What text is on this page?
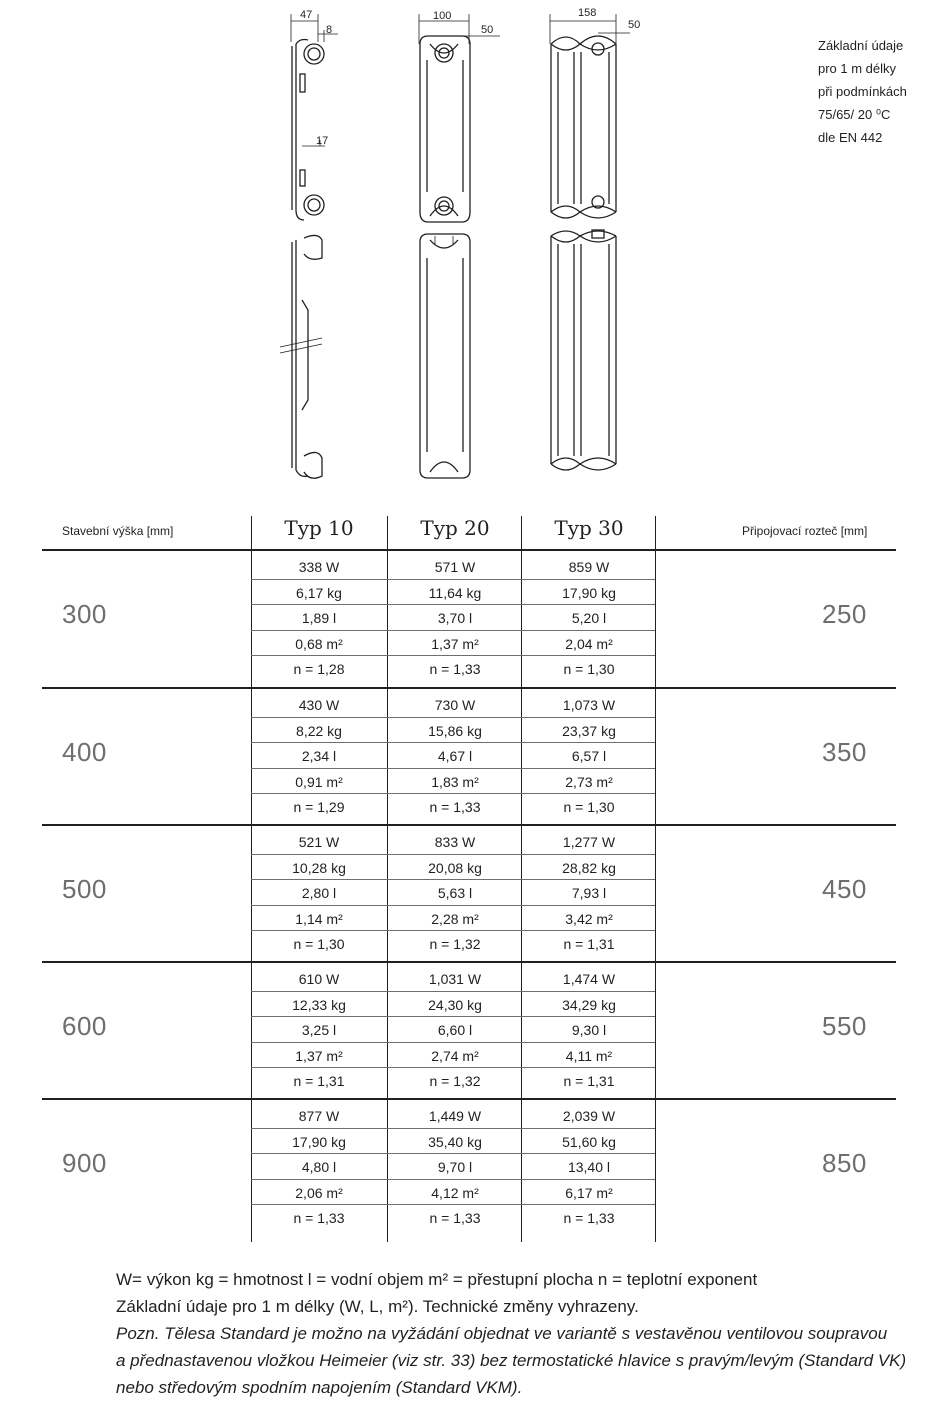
47
8
17
100
50
158
50
Základní údaje
pro 1 m délky
při podmínkách
75/65/ 20 ⁰C
dle EN 442
Stavební výška [mm]	Připojovací rozteč [mm]
Typ 10	Typ 20	Typ 30
300	250
338 W	571 W	859 W
6,17 kg	11,64 kg	17,90 kg
1,89 l	3,70 l	5,20 l
0,68 m²	1,37 m²	2,04 m²
n = 1,28	n = 1,33	n = 1,30
400	350
430 W	730 W	1,073 W
8,22 kg	15,86 kg	23,37 kg
2,34 l	4,67 l	6,57 l
0,91 m²	1,83 m²	2,73 m²
n = 1,29	n = 1,33	n = 1,30
500	450
521 W	833 W	1,277 W
10,28 kg	20,08 kg	28,82 kg
2,80 l	5,63 l	7,93 l
1,14 m²	2,28 m²	3,42 m²
n = 1,30	n = 1,32	n = 1,31
600	550
610 W	1,031 W	1,474 W
12,33 kg	24,30 kg	34,29 kg
3,25 l	6,60 l	9,30 l
1,37 m²	2,74 m²	4,11 m²
n = 1,31	n = 1,32	n = 1,31
900	850
877 W	1,449 W	2,039 W
17,90 kg	35,40 kg	51,60 kg
4,80 l	9,70 l	13,40 l
2,06 m²	4,12 m²	6,17 m²
n = 1,33	n = 1,33	n = 1,33
W= výkon kg = hmotnost l = vodní objem m² = přestupní plocha n = teplotní exponent
Základní údaje pro 1 m délky (W, L, m²). Technické změny vyhrazeny.
Pozn. Tělesa Standard je možno na vyžádání objednat ve variantě s vestavěnou ventilovou soupravou
a přednastavenou vložkou Heimeier (viz str. 33) bez termostatické hlavice s pravým/levým (Standard VK)
nebo středovým spodním napojením (Standard VKM).
